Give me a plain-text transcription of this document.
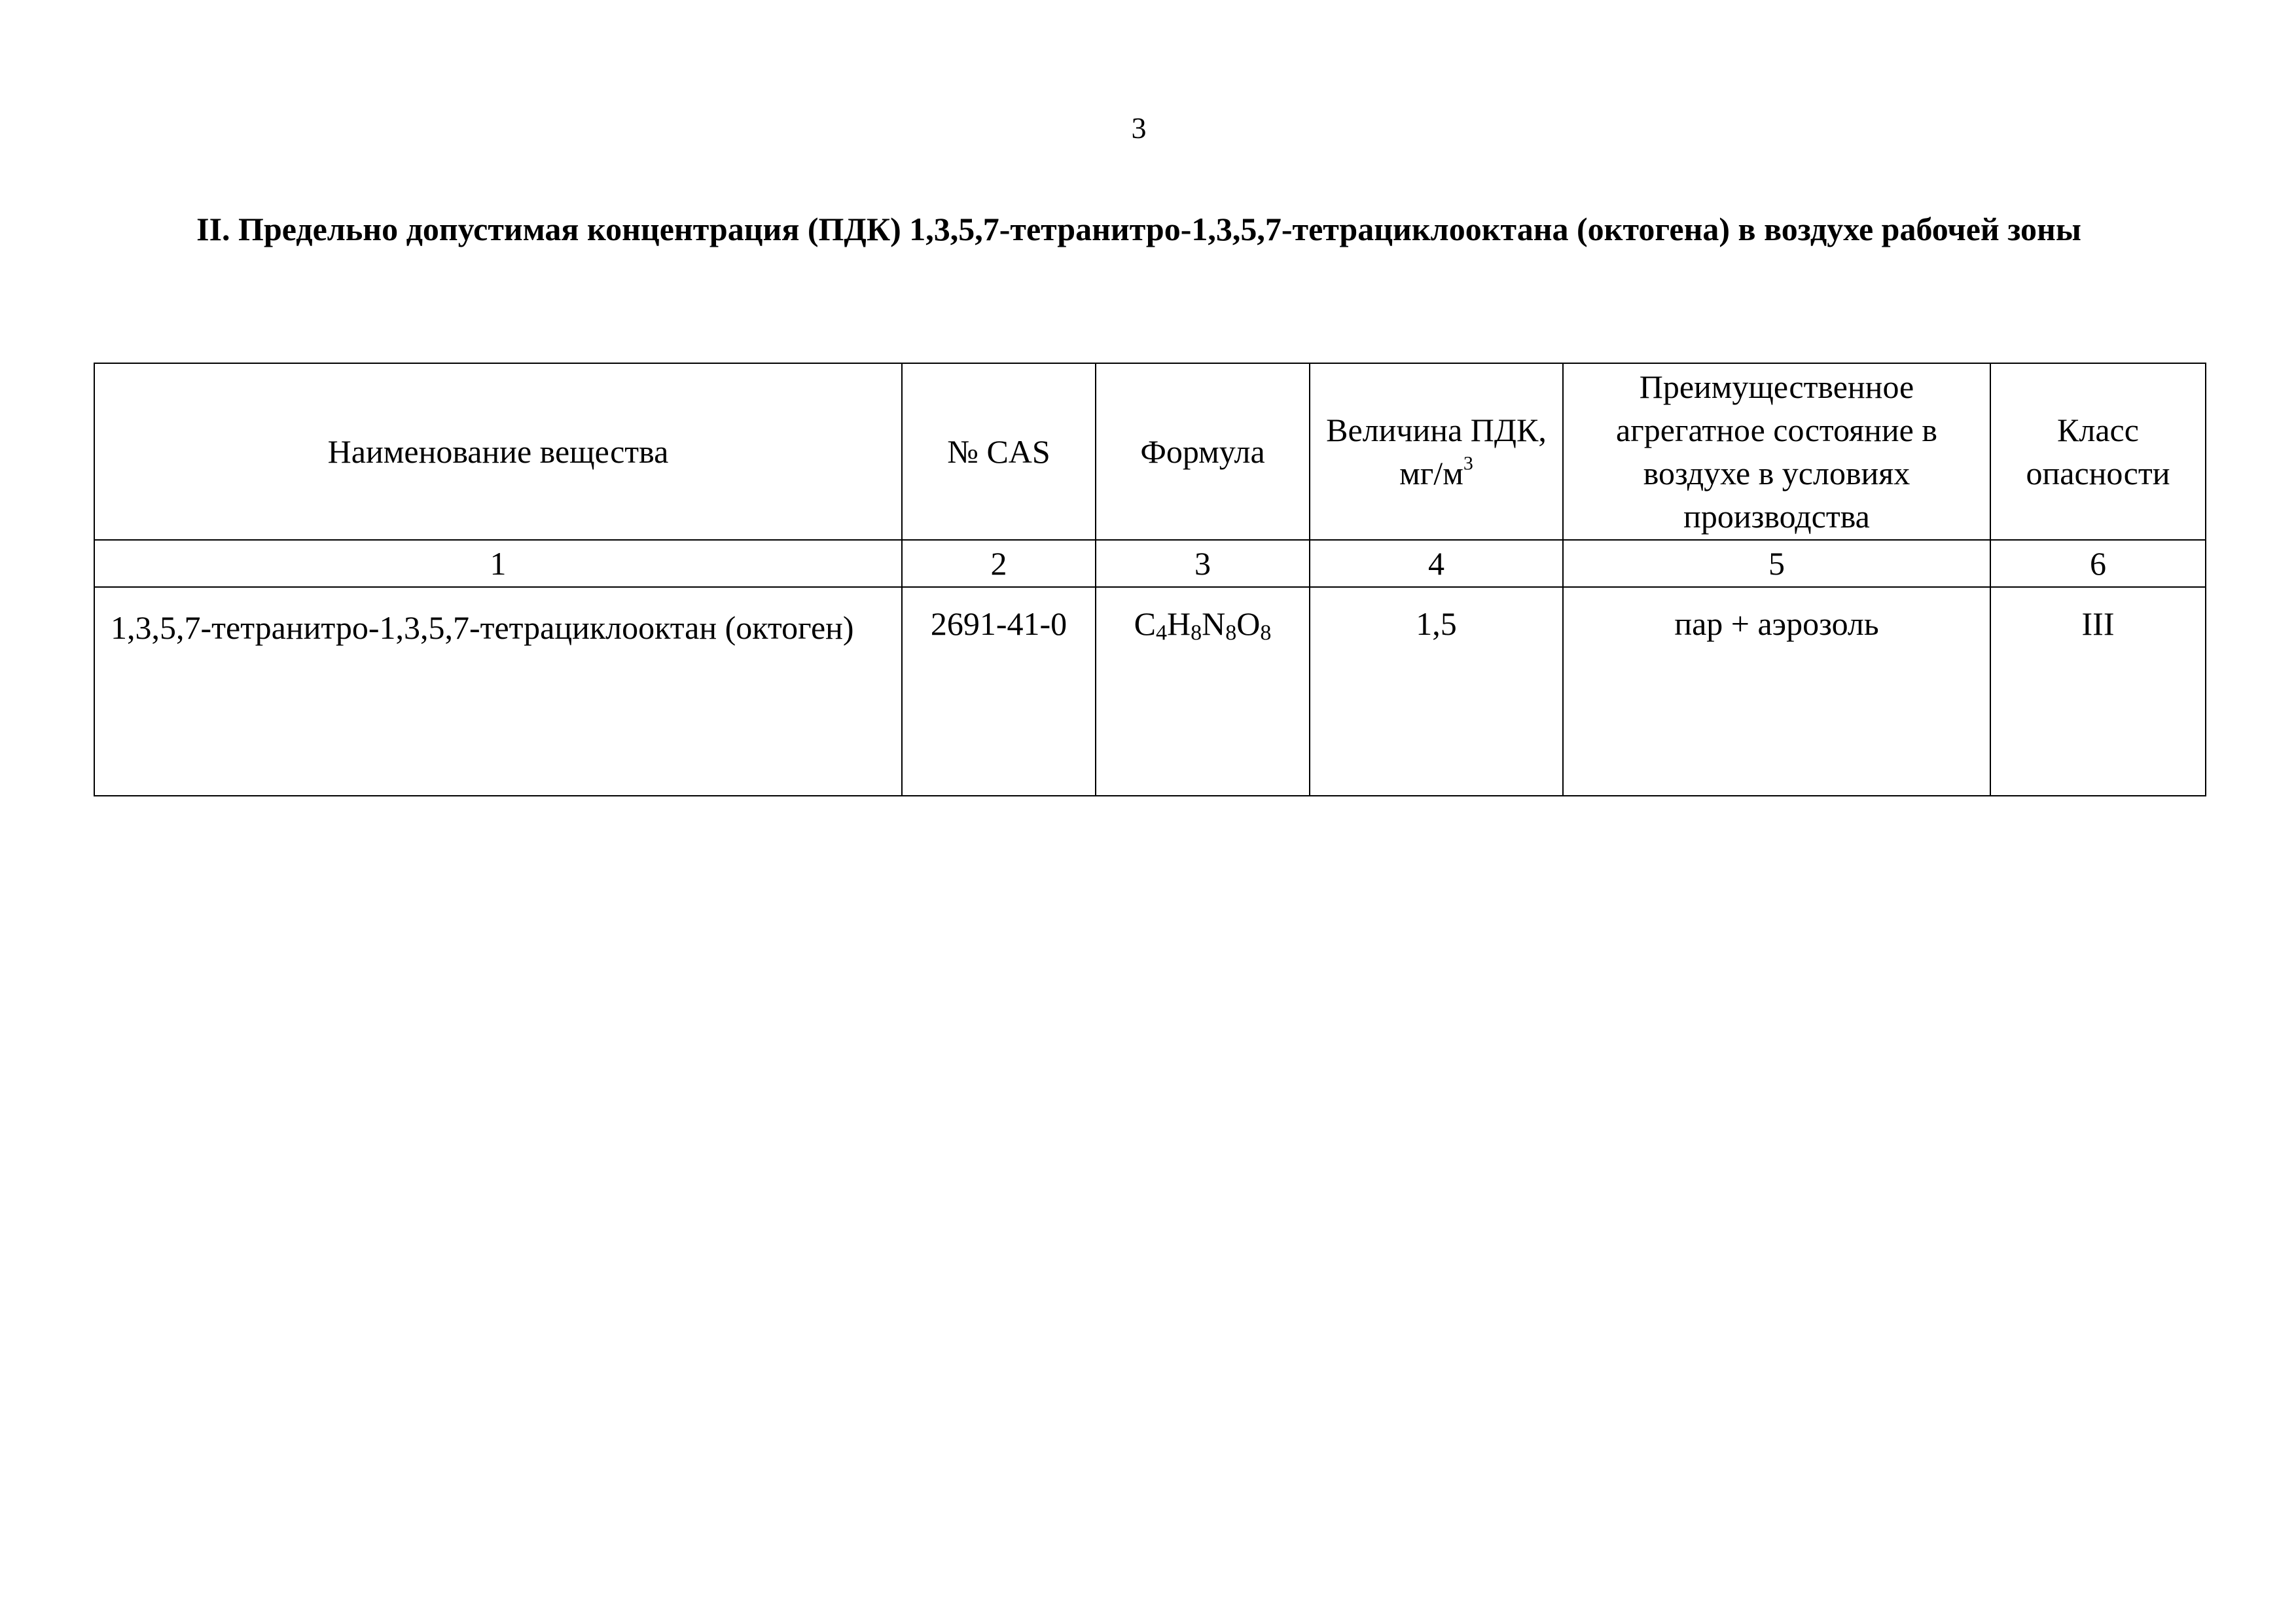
3
II. Предельно допустимая концентрация (ПДК) 1,3,5,7-тетранитро-1,3,5,7-тетрациклооктана (октогена) в воздухе рабочей зоны
Наименование вещества	№ CAS	Формула	Величина ПДК, $мг/м^3$	Преимущественное агрегатное состояние в воздухе в условиях производства	Класс опасности
1	2	3	4	5	6
1,3,5,7-тетранитро-1,3,5,7-тетрациклооктан (октоген)	2691-41-0	$C_4H_8N_8O_8$	1,5	пар + аэрозоль	III
